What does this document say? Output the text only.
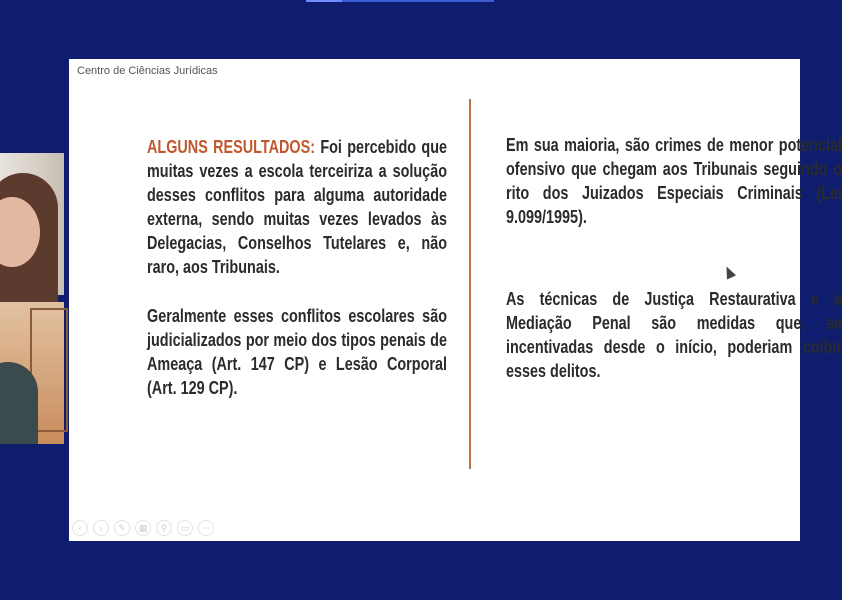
Centro de Ciências Jurídicas

ALGUNS RESULTADOS: Foi percebido que muitas vezes a escola terceiriza a solução desses conflitos para alguma autoridade externa, sendo muitas vezes levados às Delegacias, Conselhos Tutelares e, não raro, aos Tribunais.

Geralmente esses conflitos escolares são judicializados por meio dos tipos penais de Ameaça (Art. 147 CP) e Lesão Corporal (Art. 129 CP).

Em sua maioria, são crimes de menor potencial ofensivo que chegam aos Tribunais seguindo o rito dos Juizados Especiais Criminais (Lei 9.099/1995).

As técnicas de Justiça Restaurativa e a Mediação Penal são medidas que, se incentivadas desde o início, poderiam coibir esses delitos.

‹	›	✎	▦	⚲	▭	⋯
